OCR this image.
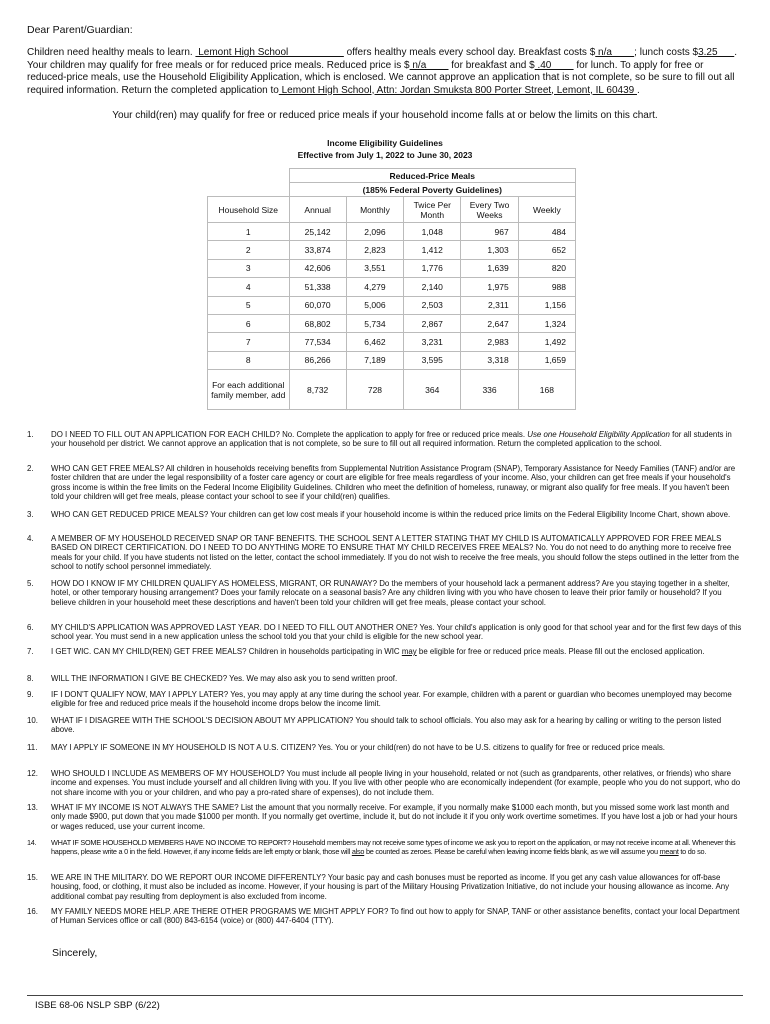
Dear Parent/Guardian:
Children need healthy meals to learn.  Lemont High School                     offers healthy meals every school day. Breakfast costs $ n/a        ; lunch costs $3.25      . Your children may qualify for free meals or for reduced price meals. Reduced price is $ n/a         for breakfast and $ .40         for lunch. To apply for free or reduced-price meals, use the Household Eligibility Application, which is enclosed. We cannot approve an application that is not complete, so be sure to fill out all required information. Return the completed application to Lemont High School, Attn: Jordan Smuksta 800 Porter Street, Lemont, IL 60439 .
Your child(ren) may qualify for free or reduced price meals if your household income falls at or below the limits on this chart.
Income Eligibility Guidelines
Effective from July 1, 2022 to June 30, 2023
	Reduced-Price Meals				
	(185% Federal Poverty Guidelines)				
Household Size	Annual	Monthly	Twice Per Month	Every Two Weeks	Weekly
1	25,142	2,096	1,048	967	484
2	33,874	2,823	1,412	1,303	652
3	42,606	3,551	1,776	1,639	820
4	51,338	4,279	2,140	1,975	988
5	60,070	5,006	2,503	2,311	1,156
6	68,802	5,734	2,867	2,647	1,324
7	77,534	6,462	3,231	2,983	1,492
8	86,266	7,189	3,595	3,318	1,659
For each additional family member, add	8,732	728	364	336	168
1.	DO I NEED TO FILL OUT AN APPLICATION FOR EACH CHILD? No. Complete the application to apply for free or reduced price meals. Use one Household Eligibility Application for all students in your household per district. We cannot approve an application that is not complete, so be sure to fill out all required information. Return the completed application to the school.
2.	WHO CAN GET FREE MEALS? All children in households receiving benefits from Supplemental Nutrition Assistance Program (SNAP), Temporary Assistance for Needy Families (TANF) and/or are foster children that are under the legal responsibility of a foster care agency or court are eligible for free meals regardless of your income. Also, your children can get free meals if your household's gross income is within the free limits on the Federal Income Eligibility Guidelines. Children who meet the definition of homeless, runaway, or migrant also qualify for free meals. If you haven't been told your children will get free meals, please contact your school to see if your child(ren) qualifies.
3.	WHO CAN GET REDUCED PRICE MEALS? Your children can get low cost meals if your household income is within the reduced price limits on the Federal Eligibility Income Chart, shown above.
4.	A MEMBER OF MY HOUSEHOLD RECEIVED SNAP OR TANF BENEFITS. THE SCHOOL SENT A LETTER STATING THAT MY CHILD IS AUTOMATICALLY APPROVED FOR FREE MEALS BASED ON DIRECT CERTIFICATION. DO I NEED TO DO ANYTHING MORE TO ENSURE THAT MY CHILD RECEIVES FREE MEALS? No. You do not need to do anything more to receive free meals for your child. If you have students not listed on the letter, contact the school immediately. If you do not wish to receive the free meals, you should follow the steps outlined in the letter from the school to notify school personnel immediately.
5.	HOW DO I KNOW IF MY CHILDREN QUALIFY AS HOMELESS, MIGRANT, OR RUNAWAY? Do the members of your household lack a permanent address? Are you staying together in a shelter, hotel, or other temporary housing arrangement? Does your family relocate on a seasonal basis? Are any children living with you who have chosen to leave their prior family or household? If you believe children in your household meet these descriptions and haven't been told your children will get free meals, please contact your school.
6.	MY CHILD'S APPLICATION WAS APPROVED LAST YEAR. DO I NEED TO FILL OUT ANOTHER ONE? Yes. Your child's application is only good for that school year and for the first few days of this school year. You must send in a new application unless the school told you that your child is eligible for the new school year.
7.	I GET WIC. CAN MY CHILD(REN) GET FREE MEALS? Children in households participating in WIC may be eligible for free or reduced price meals. Please fill out the enclosed application.
8.	WILL THE INFORMATION I GIVE BE CHECKED? Yes. We may also ask you to send written proof.
9.	IF I DON'T QUALIFY NOW, MAY I APPLY LATER? Yes, you may apply at any time during the school year. For example, children with a parent or guardian who becomes unemployed may become eligible for free and reduced price meals if the household income drops below the income limit.
10.	WHAT IF I DISAGREE WITH THE SCHOOL'S DECISION ABOUT MY APPLICATION? You should talk to school officials. You also may ask for a hearing by calling or writing to the person listed above.
11.	MAY I APPLY IF SOMEONE IN MY HOUSEHOLD IS NOT A U.S. CITIZEN? Yes. You or your child(ren) do not have to be U.S. citizens to qualify for free or reduced price meals.
12.	WHO SHOULD I INCLUDE AS MEMBERS OF MY HOUSEHOLD? You must include all people living in your household, related or not (such as grandparents, other relatives, or friends) who share income and expenses. You must include yourself and all children living with you. If you live with other people who are economically independent (for example, people who you do not support, who do not share income with you or your children, and who pay a pro-rated share of expenses), do not include them.
13.	WHAT IF MY INCOME IS NOT ALWAYS THE SAME? List the amount that you normally receive. For example, if you normally make $1000 each month, but you missed some work last month and only made $900, put down that you made $1000 per month. If you normally get overtime, include it, but do not include it if you only work overtime sometimes. If you have lost a job or had your hours or wages reduced, use your current income.
14.	WHAT IF SOME HOUSEHOLD MEMBERS HAVE NO INCOME TO REPORT? Household members may not receive some types of income we ask you to report on the application, or may not receive income at all. Whenever this happens, please write a 0 in the field. However, if any income fields are left empty or blank, those will also be counted as zeroes. Please be careful when leaving income fields blank, as we will assume you meant to do so.
15.	WE ARE IN THE MILITARY. DO WE REPORT OUR INCOME DIFFERENTLY? Your basic pay and cash bonuses must be reported as income. If you get any cash value allowances for off-base housing, food, or clothing, it must also be included as income. However, if your housing is part of the Military Housing Privatization Initiative, do not include your housing allowance as income. Any additional combat pay resulting from deployment is also excluded from income.
16.	MY FAMILY NEEDS MORE HELP. ARE THERE OTHER PROGRAMS WE MIGHT APPLY FOR? To find out how to apply for SNAP, TANF or other assistance benefits, contact your local Department of Human Services office or call (800) 843-6154 (voice) or (800) 447-6404 (TTY).
Sincerely,
ISBE 68-06 NSLP SBP (6/22)
